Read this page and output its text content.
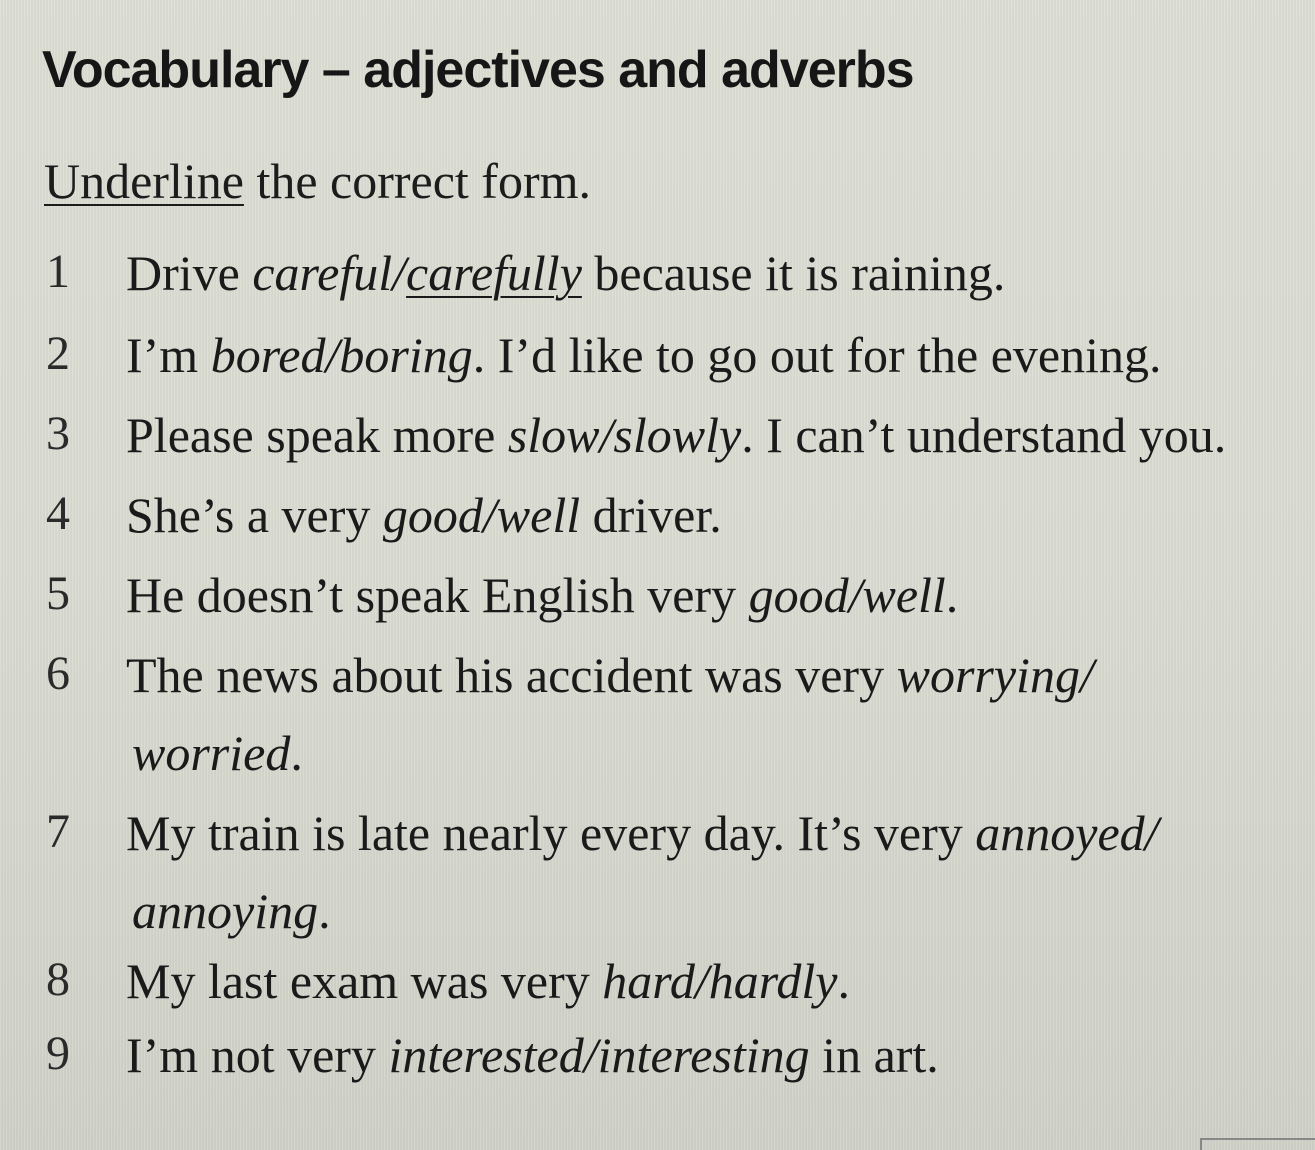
Vocabulary – adjectives and adverbs

Underline the correct form.

1 Drive careful/carefully because it is raining.
2 I’m bored/boring. I’d like to go out for the evening.
3 Please speak more slow/slowly. I can’t understand you.
4 She’s a very good/well driver.
5 He doesn’t speak English very good/well.
6 The news about his accident was very worrying/
worried.
7 My train is late nearly every day. It’s very annoyed/
annoying.
8 My last exam was very hard/hardly.
9 I’m not very interested/interesting in art.
